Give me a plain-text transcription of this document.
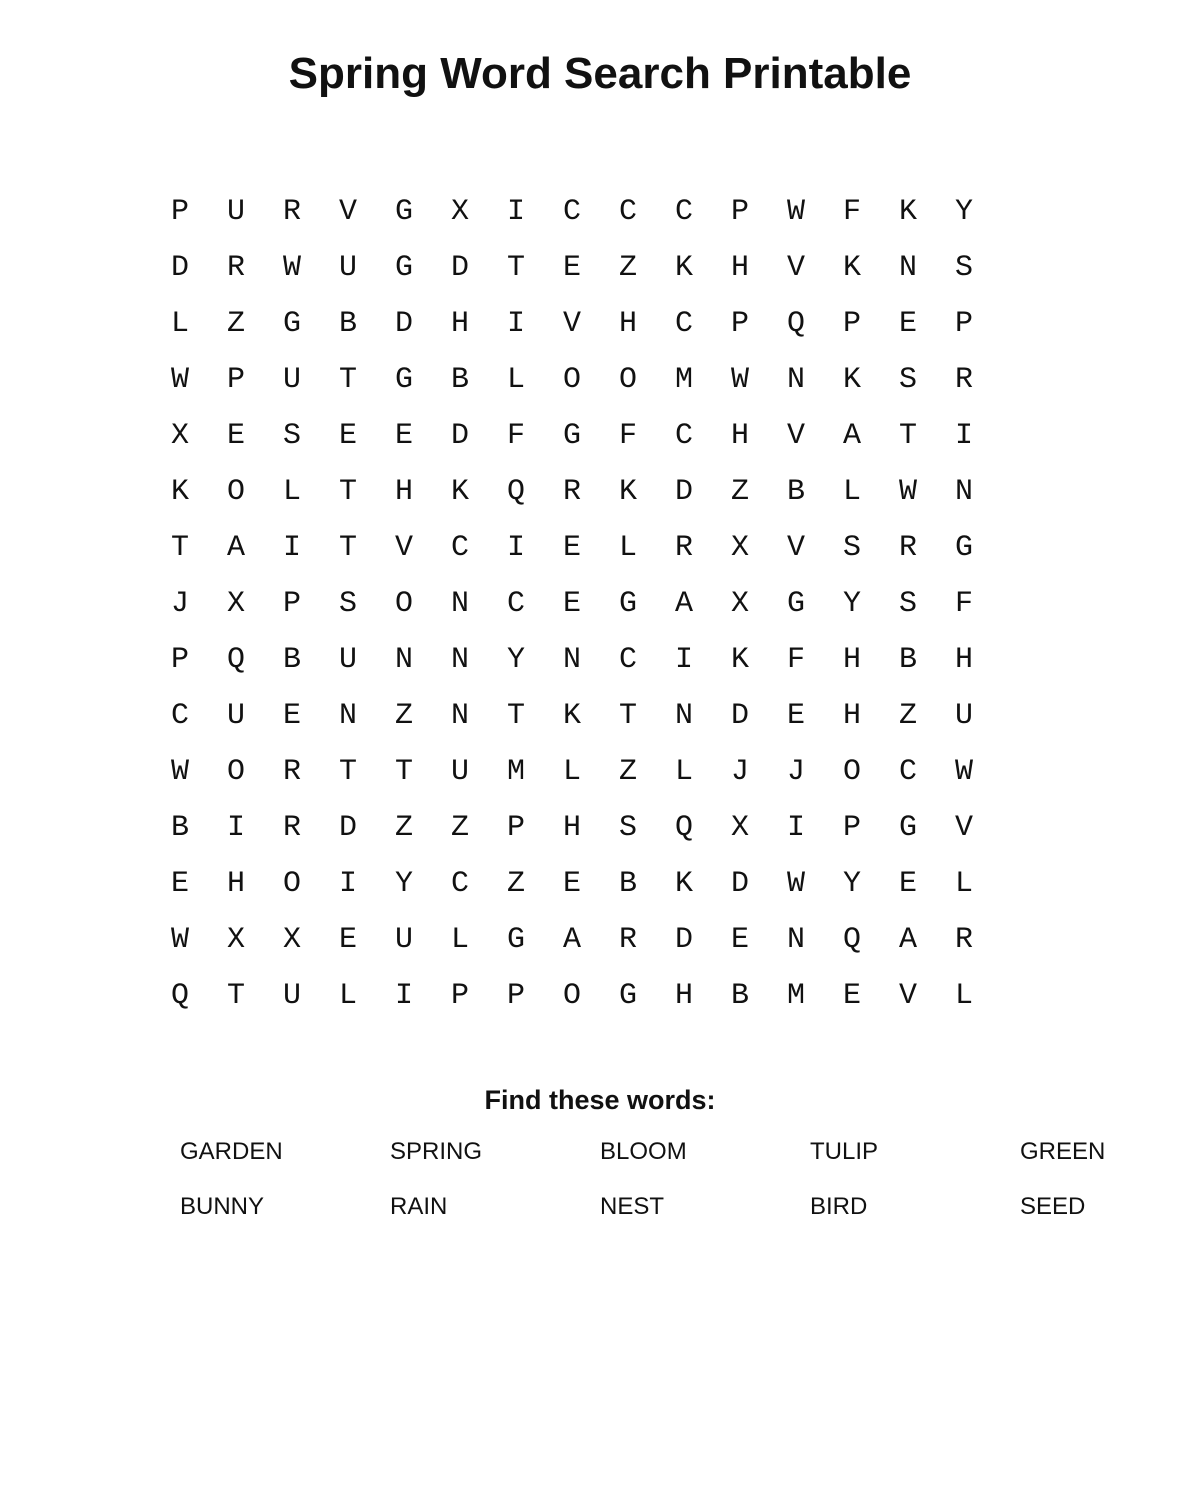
Spring Word Search Printable
P	U	R	V	G	X	I	C	C	C	P	W	F	K	Y
D	R	W	U	G	D	T	E	Z	K	H	V	K	N	S
L	Z	G	B	D	H	I	V	H	C	P	Q	P	E	P
W	P	U	T	G	B	L	O	O	M	W	N	K	S	R
X	E	S	E	E	D	F	G	F	C	H	V	A	T	I
K	O	L	T	H	K	Q	R	K	D	Z	B	L	W	N
T	A	I	T	V	C	I	E	L	R	X	V	S	R	G
J	X	P	S	O	N	C	E	G	A	X	G	Y	S	F
P	Q	B	U	N	N	Y	N	C	I	K	F	H	B	H
C	U	E	N	Z	N	T	K	T	N	D	E	H	Z	U
W	O	R	T	T	U	M	L	Z	L	J	J	O	C	W
B	I	R	D	Z	Z	P	H	S	Q	X	I	P	G	V
E	H	O	I	Y	C	Z	E	B	K	D	W	Y	E	L
W	X	X	E	U	L	G	A	R	D	E	N	Q	A	R
Q	T	U	L	I	P	P	O	G	H	B	M	E	V	L
Find these words:
GARDEN	SPRING	BLOOM	TULIP	GREEN
BUNNY	RAIN	NEST	BIRD	SEED
